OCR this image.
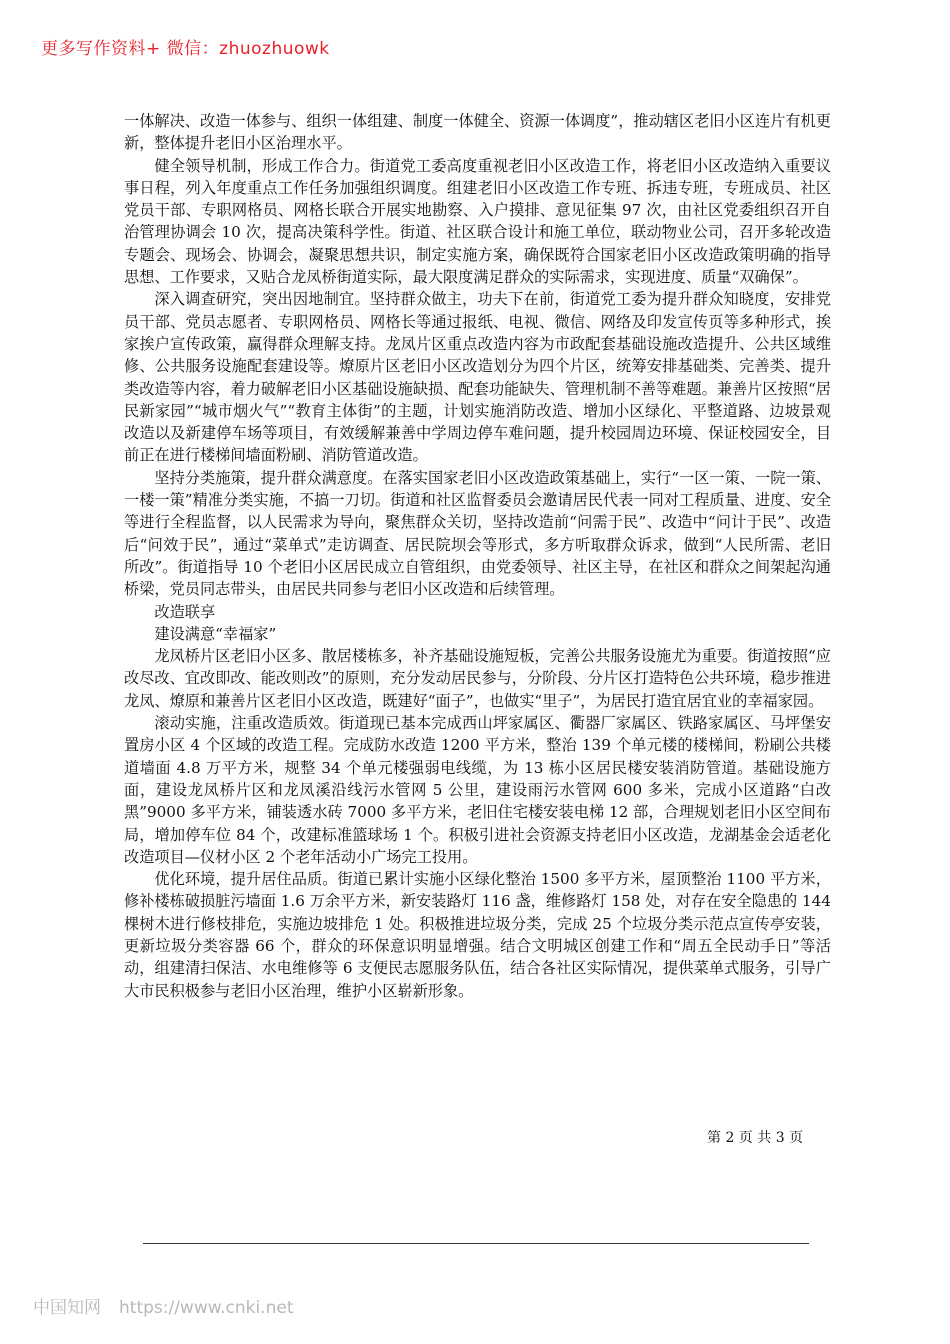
更多写作资料+ 微信：zhuozhuowk

一体解决、改造一体参与、组织一体组建、制度一体健全、资源一体调度”，推动辖区老旧小区连片有机更新，整体提升老旧小区治理水平。

健全领导机制，形成工作合力。街道党工委高度重视老旧小区改造工作，将老旧小区改造纳入重要议事日程，列入年度重点工作任务加强组织调度。组建老旧小区改造工作专班、拆违专班，专班成员、社区党员干部、专职网格员、网格长联合开展实地勘察、入户摸排、意见征集 97 次，由社区党委组织召开自治管理协调会 10 次，提高决策科学性。街道、社区联合设计和施工单位，联动物业公司，召开多轮改造专题会、现场会、协调会，凝聚思想共识，制定实施方案，确保既符合国家老旧小区改造政策明确的指导思想、工作要求，又贴合龙凤桥街道实际，最大限度满足群众的实际需求，实现进度、质量“双确保”。

深入调查研究，突出因地制宜。坚持群众做主，功夫下在前，街道党工委为提升群众知晓度，安排党员干部、党员志愿者、专职网格员、网格长等通过报纸、电视、微信、网络及印发宣传页等多种形式，挨家挨户宣传政策，赢得群众理解支持。龙凤片区重点改造内容为市政配套基础设施改造提升、公共区域维修、公共服务设施配套建设等。燎原片区老旧小区改造划分为四个片区，统筹安排基础类、完善类、提升类改造等内容，着力破解老旧小区基础设施缺损、配套功能缺失、管理机制不善等难题。兼善片区按照“居民新家园”“城市烟火气”“教育主体街”的主题，计划实施消防改造、增加小区绿化、平整道路、边坡景观改造以及新建停车场等项目，有效缓解兼善中学周边停车难问题，提升校园周边环境、保证校园安全，目前正在进行楼梯间墙面粉刷、消防管道改造。

坚持分类施策，提升群众满意度。在落实国家老旧小区改造政策基础上，实行“一区一策、一院一策、一楼一策”精准分类实施，不搞一刀切。街道和社区监督委员会邀请居民代表一同对工程质量、进度、安全等进行全程监督，以人民需求为导向，聚焦群众关切，坚持改造前“问需于民”、改造中“问计于民”、改造后“问效于民”，通过“菜单式”走访调查、居民院坝会等形式，多方听取群众诉求，做到“人民所需、老旧所改”。街道指导 10 个老旧小区居民成立自管组织，由党委领导、社区主导，在社区和群众之间架起沟通桥梁，党员同志带头，由居民共同参与老旧小区改造和后续管理。

改造联享

建设满意“幸福家”

龙凤桥片区老旧小区多、散居楼栋多，补齐基础设施短板，完善公共服务设施尤为重要。街道按照“应改尽改、宜改即改、能改则改”的原则，充分发动居民参与，分阶段、分片区打造特色公共环境，稳步推进龙凤、燎原和兼善片区老旧小区改造，既建好“面子”，也做实“里子”，为居民打造宜居宜业的幸福家园。

滚动实施，注重改造质效。街道现已基本完成西山坪家属区、衢器厂家属区、铁路家属区、马坪堡安置房小区 4 个区域的改造工程。完成防水改造 1200 平方米，整治 139 个单元楼的楼梯间，粉刷公共楼道墙面 4.8 万平方米，规整 34 个单元楼强弱电线缆，为 13 栋小区居民楼安装消防管道。基础设施方面，建设龙凤桥片区和龙凤溪沿线污水管网 5 公里，建设雨污水管网 600 多米，完成小区道路“白改黑”9000 多平方米，铺装透水砖 7000 多平方米，老旧住宅楼安装电梯 12 部，合理规划老旧小区空间布局，增加停车位 84 个，改建标准篮球场 1 个。积极引进社会资源支持老旧小区改造，龙湖基金会适老化改造项目—仪材小区 2 个老年活动小广场完工投用。

优化环境，提升居住品质。街道已累计实施小区绿化整治 1500 多平方米，屋顶整治 1100 平方米，修补楼栋破损脏污墙面 1.6 万余平方米，新安装路灯 116 盏，维修路灯 158 处，对存在安全隐患的 144 棵树木进行修枝排危，实施边坡排危 1 处。积极推进垃圾分类，完成 25 个垃圾分类示范点宣传亭安装，更新垃圾分类容器 66 个，群众的环保意识明显增强。结合文明城区创建工作和“周五全民动手日”等活动，组建清扫保洁、水电维修等 6 支便民志愿服务队伍，结合各社区实际情况，提供菜单式服务，引导广大市民积极参与老旧小区治理，维护小区崭新形象。

第 2 页 共 3 页
中国知网 https://www.cnki.net
